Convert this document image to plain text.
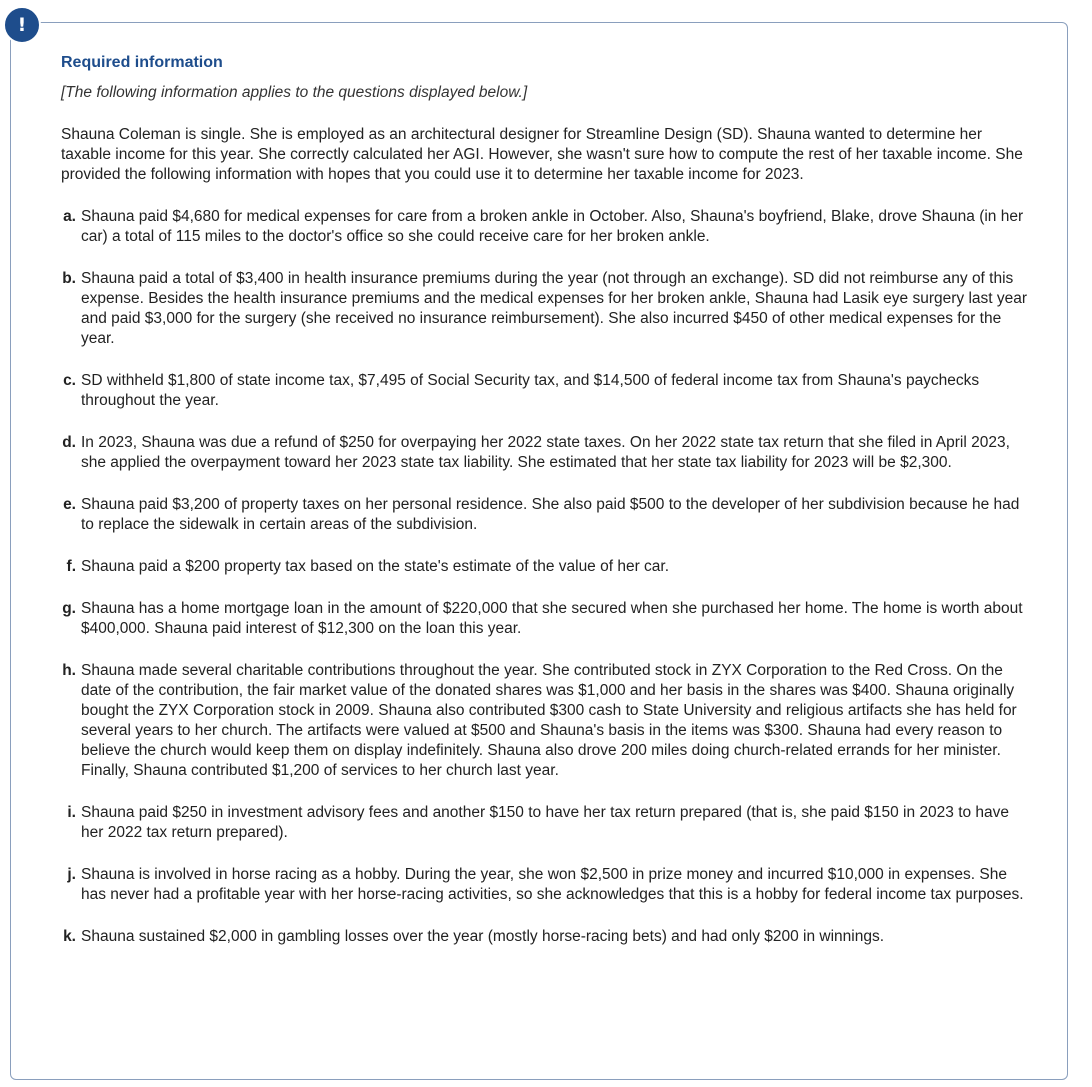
!
Required information

[The following information applies to the questions displayed below.]

Shauna Coleman is single. She is employed as an architectural designer for Streamline Design (SD). Shauna wanted to determine her taxable income for this year. She correctly calculated her AGI. However, she wasn't sure how to compute the rest of her taxable income. She provided the following information with hopes that you could use it to determine her taxable income for 2023.

a. Shauna paid $4,680 for medical expenses for care from a broken ankle in October. Also, Shauna's boyfriend, Blake, drove Shauna (in her car) a total of 115 miles to the doctor's office so she could receive care for her broken ankle.
b. Shauna paid a total of $3,400 in health insurance premiums during the year (not through an exchange). SD did not reimburse any of this expense. Besides the health insurance premiums and the medical expenses for her broken ankle, Shauna had Lasik eye surgery last year and paid $3,000 for the surgery (she received no insurance reimbursement). She also incurred $450 of other medical expenses for the year.
c. SD withheld $1,800 of state income tax, $7,495 of Social Security tax, and $14,500 of federal income tax from Shauna's paychecks throughout the year.
d. In 2023, Shauna was due a refund of $250 for overpaying her 2022 state taxes. On her 2022 state tax return that she filed in April 2023, she applied the overpayment toward her 2023 state tax liability. She estimated that her state tax liability for 2023 will be $2,300.
e. Shauna paid $3,200 of property taxes on her personal residence. She also paid $500 to the developer of her subdivision because he had to replace the sidewalk in certain areas of the subdivision.
f. Shauna paid a $200 property tax based on the state's estimate of the value of her car.
g. Shauna has a home mortgage loan in the amount of $220,000 that she secured when she purchased her home. The home is worth about $400,000. Shauna paid interest of $12,300 on the loan this year.
h. Shauna made several charitable contributions throughout the year. She contributed stock in ZYX Corporation to the Red Cross. On the date of the contribution, the fair market value of the donated shares was $1,000 and her basis in the shares was $400. Shauna originally bought the ZYX Corporation stock in 2009. Shauna also contributed $300 cash to State University and religious artifacts she has held for several years to her church. The artifacts were valued at $500 and Shauna's basis in the items was $300. Shauna had every reason to believe the church would keep them on display indefinitely. Shauna also drove 200 miles doing church-related errands for her minister. Finally, Shauna contributed $1,200 of services to her church last year.
i. Shauna paid $250 in investment advisory fees and another $150 to have her tax return prepared (that is, she paid $150 in 2023 to have her 2022 tax return prepared).
j. Shauna is involved in horse racing as a hobby. During the year, she won $2,500 in prize money and incurred $10,000 in expenses. She has never had a profitable year with her horse-racing activities, so she acknowledges that this is a hobby for federal income tax purposes.
k. Shauna sustained $2,000 in gambling losses over the year (mostly horse-racing bets) and had only $200 in winnings.
